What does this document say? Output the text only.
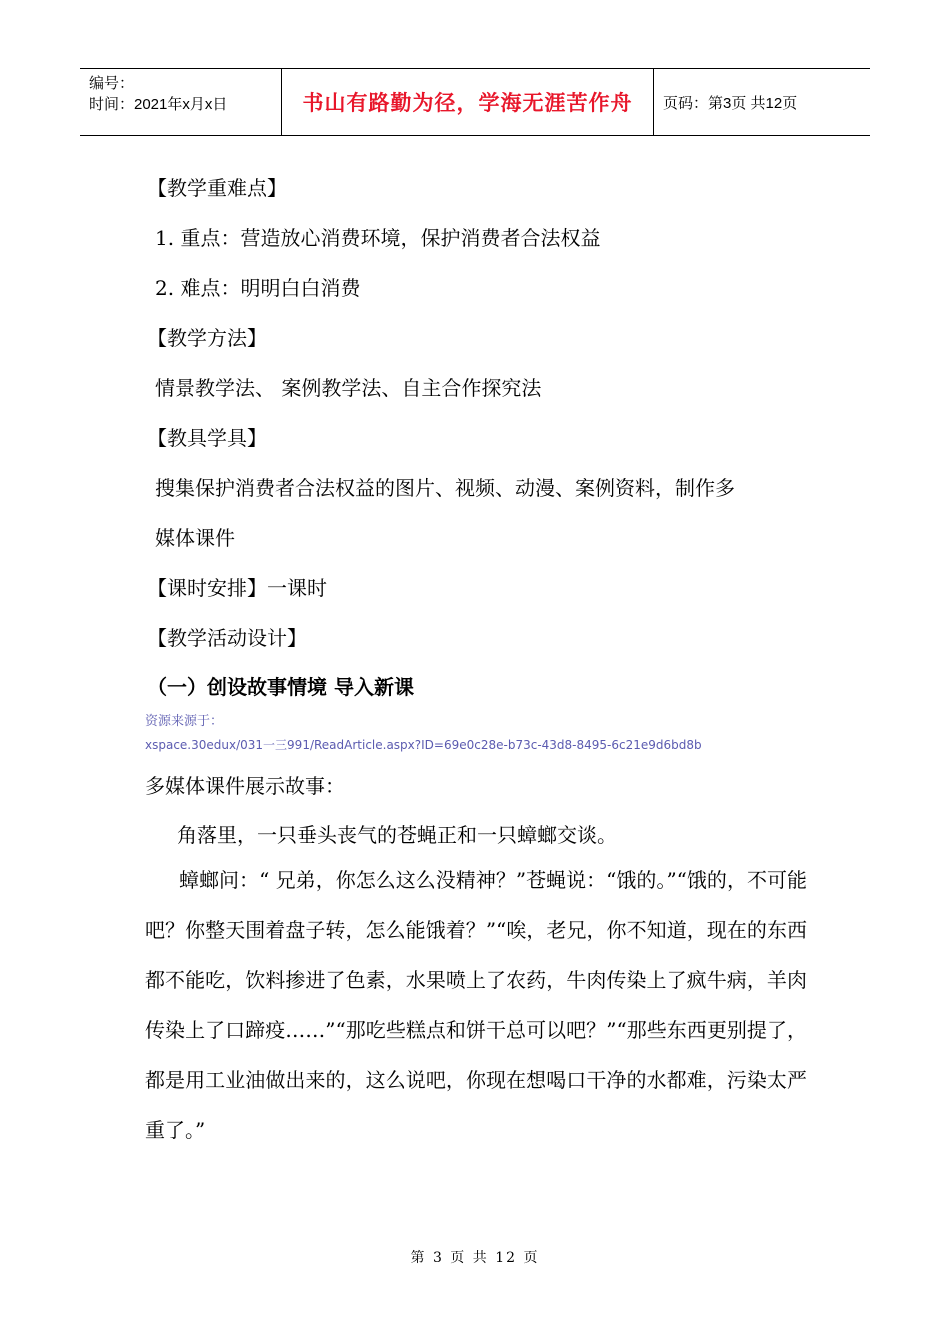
编号：
时间：2021年x月x日	书山有路勤为径，学海无涯苦作舟	页码：第3页 共12页
【教学重难点】
1. 重点：营造放心消费环境，保护消费者合法权益
2. 难点：明明白白消费
【教学方法】
情景教学法、 案例教学法、自主合作探究法
【教具学具】
搜集保护消费者合法权益的图片、视频、动漫、案例资料，制作多
媒体课件
【课时安排】一课时
【教学活动设计】
（一）创设故事情境 导入新课
资源来源于：
xspace.30edux/031一三991/ReadArticle.aspx?ID=69e0c28e-b73c-43d8-8495-6c21e9d6bd8b
多媒体课件展示故事：
角落里，一只垂头丧气的苍蝇正和一只蟑螂交谈。
蟑螂问：“ 兄弟，你怎么这么没精神？”苍蝇说：“饿的。”“饿的，不可能吧？你整天围着盘子转，怎么能饿着？”“唉，老兄，你不知道，现在的东西都不能吃，饮料掺进了色素，水果喷上了农药，牛肉传染上了疯牛病，羊肉传染上了口蹄疫……”“那吃些糕点和饼干总可以吧？”“那些东西更别提了，都是用工业油做出来的，这么说吧，你现在想喝口干净的水都难，污染太严重了。”
第 3 页 共 12 页
